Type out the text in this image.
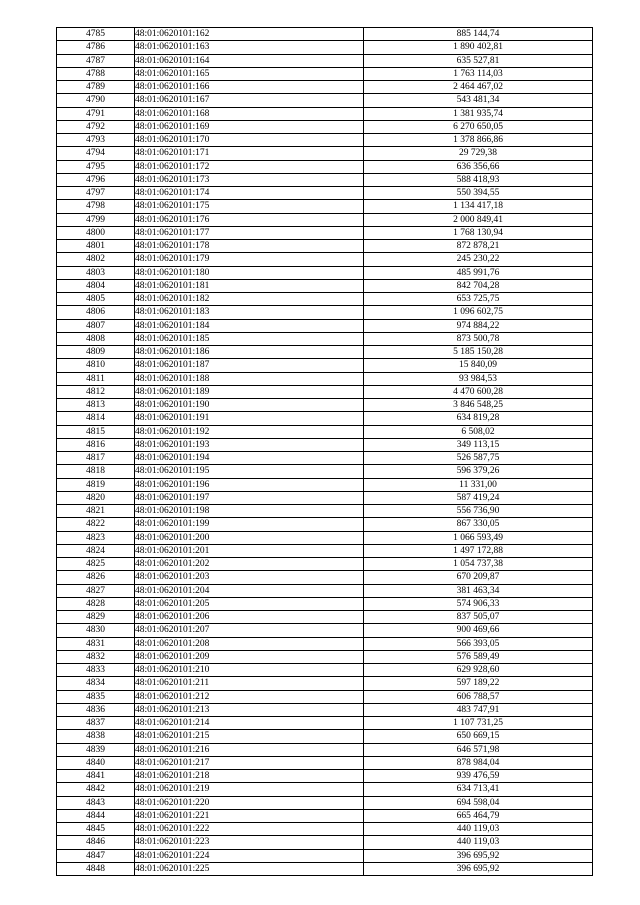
4785	48:01:0620101:162	885 144,74
4786	48:01:0620101:163	1 890 402,81
4787	48:01:0620101:164	635 527,81
4788	48:01:0620101:165	1 763 114,03
4789	48:01:0620101:166	2 464 467,02
4790	48:01:0620101:167	543 481,34
4791	48:01:0620101:168	1 381 935,74
4792	48:01:0620101:169	6 270 650,05
4793	48:01:0620101:170	1 378 866,86
4794	48:01:0620101:171	29 729,38
4795	48:01:0620101:172	636 356,66
4796	48:01:0620101:173	588 418,93
4797	48:01:0620101:174	550 394,55
4798	48:01:0620101:175	1 134 417,18
4799	48:01:0620101:176	2 000 849,41
4800	48:01:0620101:177	1 768 130,94
4801	48:01:0620101:178	872 878,21
4802	48:01:0620101:179	245 230,22
4803	48:01:0620101:180	485 991,76
4804	48:01:0620101:181	842 704,28
4805	48:01:0620101:182	653 725,75
4806	48:01:0620101:183	1 096 602,75
4807	48:01:0620101:184	974 884,22
4808	48:01:0620101:185	873 500,78
4809	48:01:0620101:186	5 185 150,28
4810	48:01:0620101:187	15 840,09
4811	48:01:0620101:188	93 984,53
4812	48:01:0620101:189	4 470 600,28
4813	48:01:0620101:190	3 846 548,25
4814	48:01:0620101:191	634 819,28
4815	48:01:0620101:192	6 508,02
4816	48:01:0620101:193	349 113,15
4817	48:01:0620101:194	526 587,75
4818	48:01:0620101:195	596 379,26
4819	48:01:0620101:196	11 331,00
4820	48:01:0620101:197	587 419,24
4821	48:01:0620101:198	556 736,90
4822	48:01:0620101:199	867 330,05
4823	48:01:0620101:200	1 066 593,49
4824	48:01:0620101:201	1 497 172,88
4825	48:01:0620101:202	1 054 737,38
4826	48:01:0620101:203	670 209,87
4827	48:01:0620101:204	381 463,34
4828	48:01:0620101:205	574 906,33
4829	48:01:0620101:206	837 505,07
4830	48:01:0620101:207	900 469,66
4831	48:01:0620101:208	566 393,05
4832	48:01:0620101:209	576 589,49
4833	48:01:0620101:210	629 928,60
4834	48:01:0620101:211	597 189,22
4835	48:01:0620101:212	606 788,57
4836	48:01:0620101:213	483 747,91
4837	48:01:0620101:214	1 107 731,25
4838	48:01:0620101:215	650 669,15
4839	48:01:0620101:216	646 571,98
4840	48:01:0620101:217	878 984,04
4841	48:01:0620101:218	939 476,59
4842	48:01:0620101:219	634 713,41
4843	48:01:0620101:220	694 598,04
4844	48:01:0620101:221	665 464,79
4845	48:01:0620101:222	440 119,03
4846	48:01:0620101:223	440 119,03
4847	48:01:0620101:224	396 695,92
4848	48:01:0620101:225	396 695,92
